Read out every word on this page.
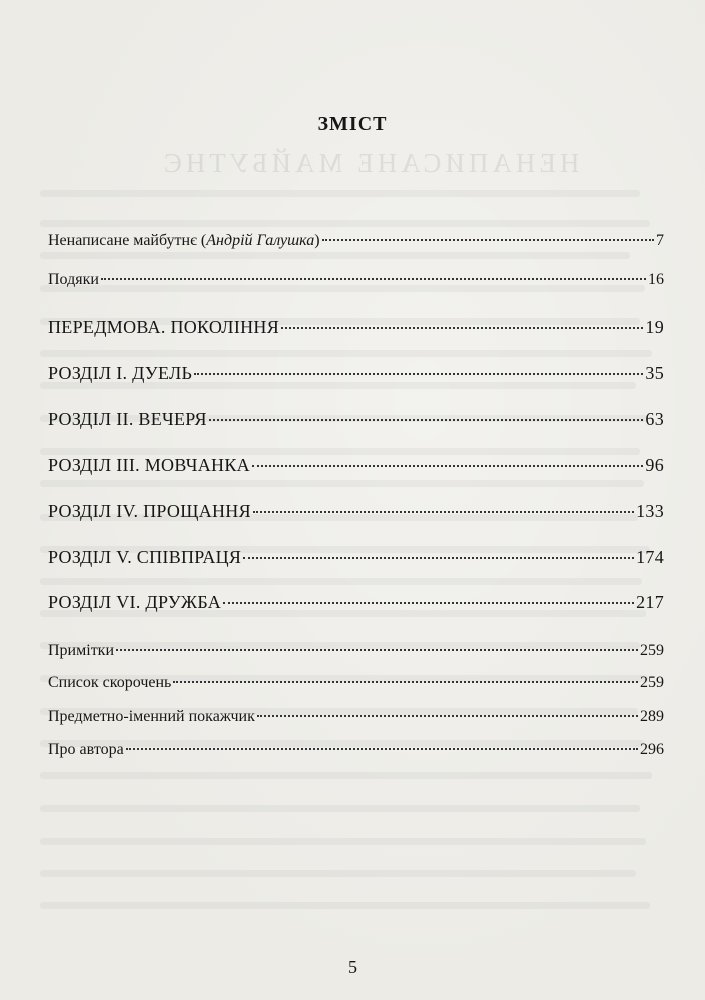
НЕНАПИСАНЕ МАЙБУТНЄ
ЗМІСТ
Ненаписане майбутнє (Андрій Галушка)	7
Подяки	16
ПЕРЕДМОВА. ПОКОЛІННЯ	19
РОЗДІЛ І. ДУЕЛЬ	35
РОЗДІЛ ІІ. ВЕЧЕРЯ	63
РОЗДІЛ ІІІ. МОВЧАНКА	96
РОЗДІЛ IV. ПРОЩАННЯ	133
РОЗДІЛ V. СПІВПРАЦЯ	174
РОЗДІЛ VI. ДРУЖБА	217
Примітки	259
Список скорочень	259
Предметно-іменний покажчик	289
Про автора	296
5
